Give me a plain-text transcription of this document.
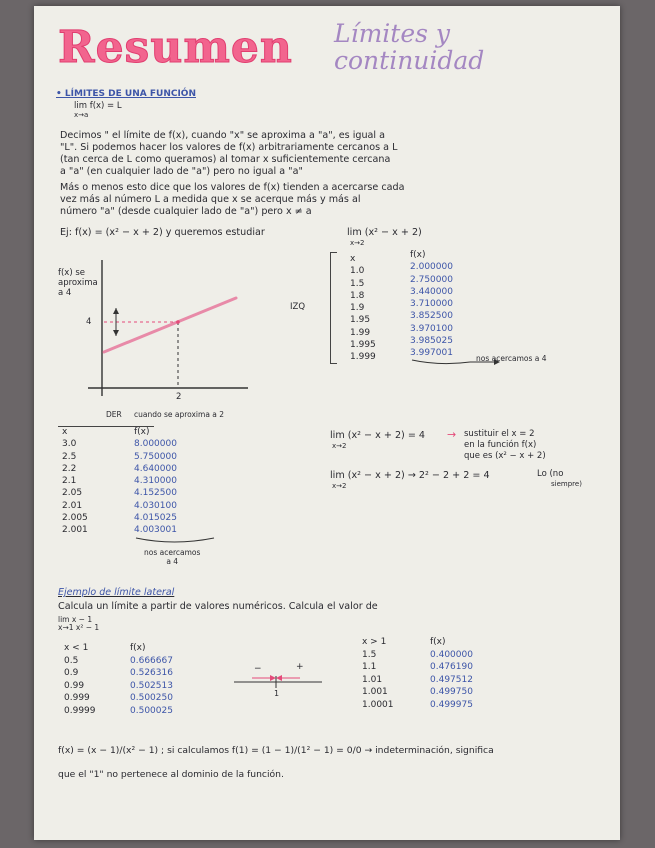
Resumen Límites y
continuidad
• LÍMITES DE UNA FUNCIÓN
lim f(x) = L
x→a
Decimos " el límite de f(x), cuando "x" se aproxima a "a", es igual a
"L". Si podemos hacer los valores de f(x) arbitrariamente cercanos a L
(tan cerca de L como queramos) al tomar x suficientemente cercana
a "a" (en cualquier lado de "a") pero no igual a "a"
Más o menos esto dice que los valores de f(x) tienden a acercarse cada
vez más al número L a medida que x se acerque más y más al
número "a" (desde cualquier lado de "a") pero x ≠ a
Ej: f(x) = (x² − x + 2) y queremos estudiar	lim (x² − x + 2)
x→2
f(x) se
aproxima
a 4
4
2
DER cuando se aproxima a 2
IZQ
x
1.0
1.5
1.8
1.9
1.95
1.99
1.995
1.999
f(x)
2.000000
2.750000
3.440000
3.710000
3.852500
3.970100
3.985025
3.997001
nos acercamos a 4
x
3.0
2.5
2.2
2.1
2.05
2.01
2.005
2.001
f(x)
8.000000
5.750000
4.640000
4.310000
4.152500
4.030100
4.015025
4.003001
nos acercamos
a 4
lim (x² − x + 2) = 4
x→2
→ sustituir el x = 2
en la función f(x)
que es (x² − x + 2)
lim (x² − x + 2) → 2² − 2 + 2 = 4
x→2
Lo (no
siempre)
Ejemplo de límite lateral
Calcula un límite a partir de valores numéricos. Calcula el valor de
lim x − 1
x→1 x² − 1
x < 1
0.5
0.9
0.99
0.999
0.9999
f(x)
0.666667
0.526316
0.502513
0.500250
0.500025
−	+
1
x > 1
1.5
1.1
1.01
1.001
1.0001
f(x)
0.400000
0.476190
0.497512
0.499750
0.499975
f(x) = (x − 1)/(x² − 1) ; si calculamos f(1) = (1 − 1)/(1² − 1) = 0/0 → indeterminación, significa
que el "1" no pertenece al dominio de la función.
